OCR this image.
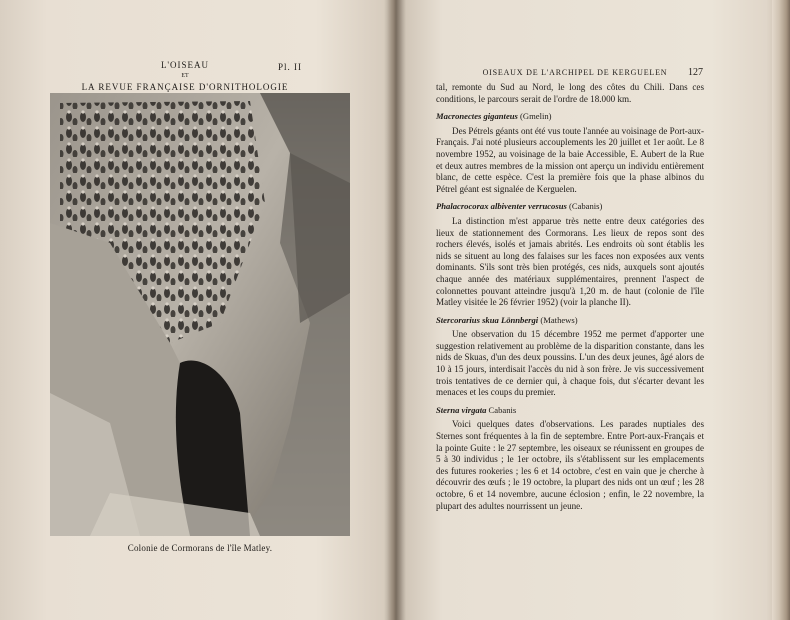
L'OISEAU
ET
LA REVUE FRANÇAISE D'ORNITHOLOGIE
Pl. II
Colonie de Cormorans de l'île Matley.
OISEAUX DE L'ARCHIPEL DE KERGUELEN	127

tal, remonte du Sud au Nord, le long des côtes du Chili. Dans ces conditions, le parcours serait de l'ordre de 18.000 km.

Macronectes giganteus (Gmelin)

Des Pétrels géants ont été vus toute l'année au voisinage de Port-aux-Français. J'ai noté plusieurs accouplements les 20 juillet et 1er août. Le 8 novembre 1952, au voisinage de la baie Accessible, E. Aubert de la Rue et deux autres membres de la mission ont aperçu un individu entièrement blanc, de cette espèce. C'est la première fois que la phase albinos du Pétrel géant est signalée de Kerguelen.

Phalacrocorax albiventer verrucosus (Cabanis)

La distinction m'est apparue très nette entre deux catégories des lieux de stationnement des Cormorans. Les lieux de repos sont des rochers élevés, isolés et jamais abrités. Les endroits où sont établis les nids se situent au long des falaises sur les faces non exposées aux vents dominants. S'ils sont très bien protégés, ces nids, auxquels sont ajoutés chaque année des matériaux supplémentaires, prennent l'aspect de colonnettes pouvant atteindre jusqu'à 1,20 m. de haut (colonie de l'île Matley visitée le 26 février 1952) (voir la planche II).

Stercorarius skua Lönnbergi (Mathews)

Une observation du 15 décembre 1952 me permet d'apporter une suggestion relativement au problème de la disparition constante, dans les nids de Skuas, d'un des deux poussins. L'un des deux jeunes, âgé alors de 10 à 15 jours, interdisait l'accès du nid à son frère. Je vis successivement trois tentatives de ce dernier qui, à chaque fois, dut s'écarter devant les menaces et les coups du premier.

Sterna virgata Cabanis

Voici quelques dates d'observations. Les parades nuptiales des Sternes sont fréquentes à la fin de septembre. Entre Port-aux-Français et la pointe Guite : le 27 septembre, les oiseaux se réunissent en groupes de 5 à 30 individus ; le 1er octobre, ils s'établissent sur les emplacements des futures rookeries ; les 6 et 14 octobre, c'est en vain que je cherche à découvrir des œufs ; le 19 octobre, la plupart des nids ont un œuf ; les 28 octobre, 6 et 14 novembre, aucune éclosion ; enfin, le 22 novembre, la plupart des adultes nourrissent un jeune.
